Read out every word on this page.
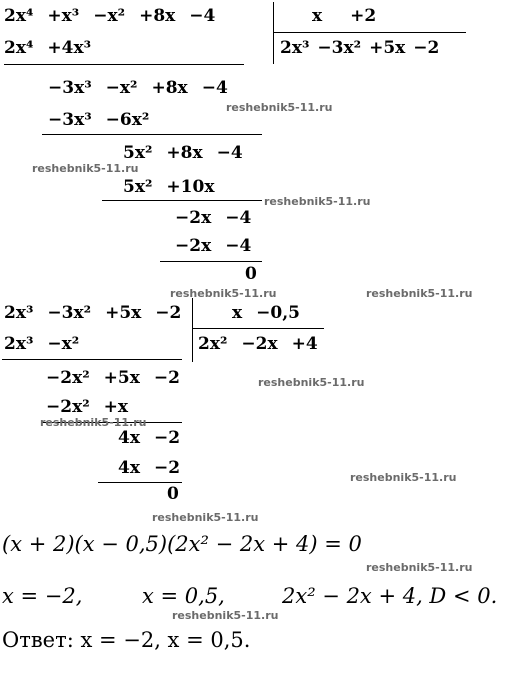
2x⁴ +x³ −x² +8x −4	x +2
2x³ −3x² +5x −2
2x⁴ +4x³
−3x³ −x² +8x −4
−3x³ −6x²
5x² +8x −4
5x² +10x
−2x −4
−2x −4
0
2x³ −3x² +5x −2	x −0,5
2x² −2x +4
2x³ −x²
−2x² +5x −2
−2x² +x
4x −2
4x −2
0
reshebnik5-11.ru
reshebnik5-11.ru
reshebnik5-11.ru
reshebnik5-11.ru	reshebnik5-11.ru
reshebnik5-11.ru
reshebnik5-11.ru
reshebnik5-11.ru
reshebnik5-11.ru
reshebnik5-11.ru
reshebnik5-11.ru
(x + 2)(x − 0,5)(2x² − 2x + 4) = 0
x = −2,	x = 0,5,	2x² − 2x + 4, D < 0.
Ответ: x = −2, x = 0,5.
